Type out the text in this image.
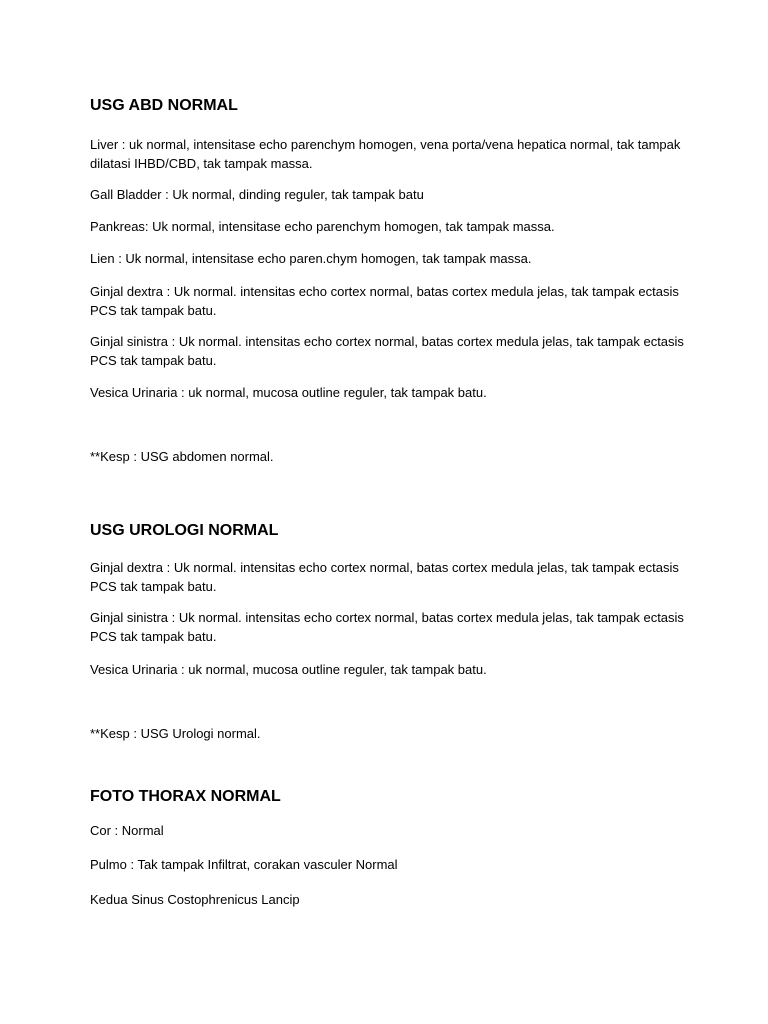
USG ABD NORMAL

Liver : uk normal, intensitase echo parenchym homogen, vena porta/vena hepatica normal, tak tampak dilatasi IHBD/CBD, tak tampak massa.

Gall Bladder : Uk normal, dinding reguler, tak tampak batu

Pankreas: Uk normal, intensitase echo parenchym homogen, tak tampak massa.

Lien : Uk normal, intensitase echo paren.chym homogen, tak tampak massa.

Ginjal dextra : Uk normal. intensitas echo cortex normal, batas cortex medula jelas, tak tampak ectasis PCS tak tampak batu.

Ginjal sinistra : Uk normal. intensitas echo cortex normal, batas cortex medula jelas, tak tampak ectasis PCS tak tampak batu.

Vesica Urinaria : uk normal, mucosa outline reguler, tak tampak batu.

**Kesp : USG abdomen normal.

USG UROLOGI NORMAL

Ginjal dextra : Uk normal. intensitas echo cortex normal, batas cortex medula jelas, tak tampak ectasis PCS tak tampak batu.

Ginjal sinistra : Uk normal. intensitas echo cortex normal, batas cortex medula jelas, tak tampak ectasis PCS tak tampak batu.

Vesica Urinaria : uk normal, mucosa outline reguler, tak tampak batu.

**Kesp : USG Urologi normal.

FOTO THORAX NORMAL

Cor : Normal

Pulmo : Tak tampak Infiltrat, corakan vasculer Normal

Kedua Sinus Costophrenicus Lancip
